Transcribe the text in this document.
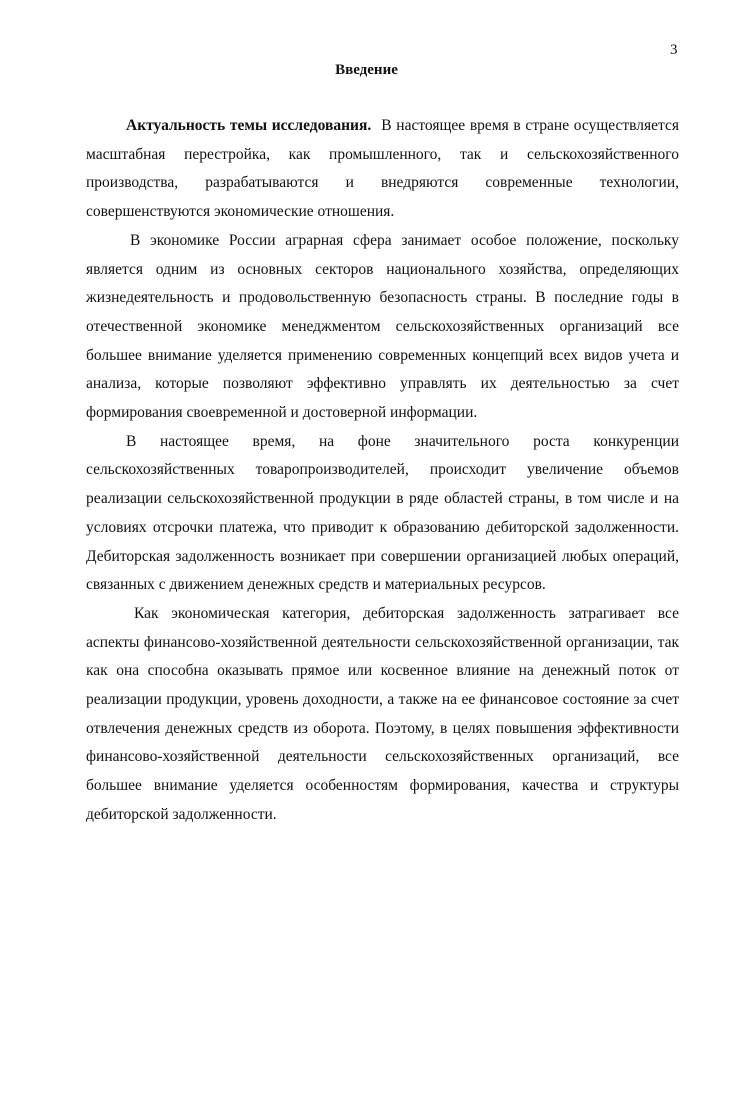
3
Введение

Актуальность темы исследования. В настоящее время в стране осуществляется масштабная перестройка, как промышленного, так и сельскохозяйственного производства, разрабатываются и внедряются современные технологии, совершенствуются экономические отношения.

В экономике России аграрная сфера занимает особое положение, поскольку является одним из основных секторов национального хозяйства, определяющих жизнедеятельность и продовольственную безопасность страны. В последние годы в отечественной экономике менеджментом сельскохозяйственных организаций все большее внимание уделяется применению современных концепций всех видов учета и анализа, которые позволяют эффективно управлять их деятельностью за счет формирования своевременной и достоверной информации.

В настоящее время, на фоне значительного роста конкуренции сельскохозяйственных товаропроизводителей, происходит увеличение объемов реализации сельскохозяйственной продукции в ряде областей страны, в том числе и на условиях отсрочки платежа, что приводит к образованию дебиторской задолженности. Дебиторская задолженность возникает при совершении организацией любых операций, связанных с движением денежных средств и материальных ресурсов.

Как экономическая категория, дебиторская задолженность затрагивает все аспекты финансово-хозяйственной деятельности сельскохозяйственной организации, так как она способна оказывать прямое или косвенное влияние на денежный поток от реализации продукции, уровень доходности, а также на ее финансовое состояние за счет отвлечения денежных средств из оборота. Поэтому, в целях повышения эффективности финансово-хозяйственной деятельности сельскохозяйственных организаций, все большее внимание уделяется особенностям формирования, качества и структуры дебиторской задолженности.
